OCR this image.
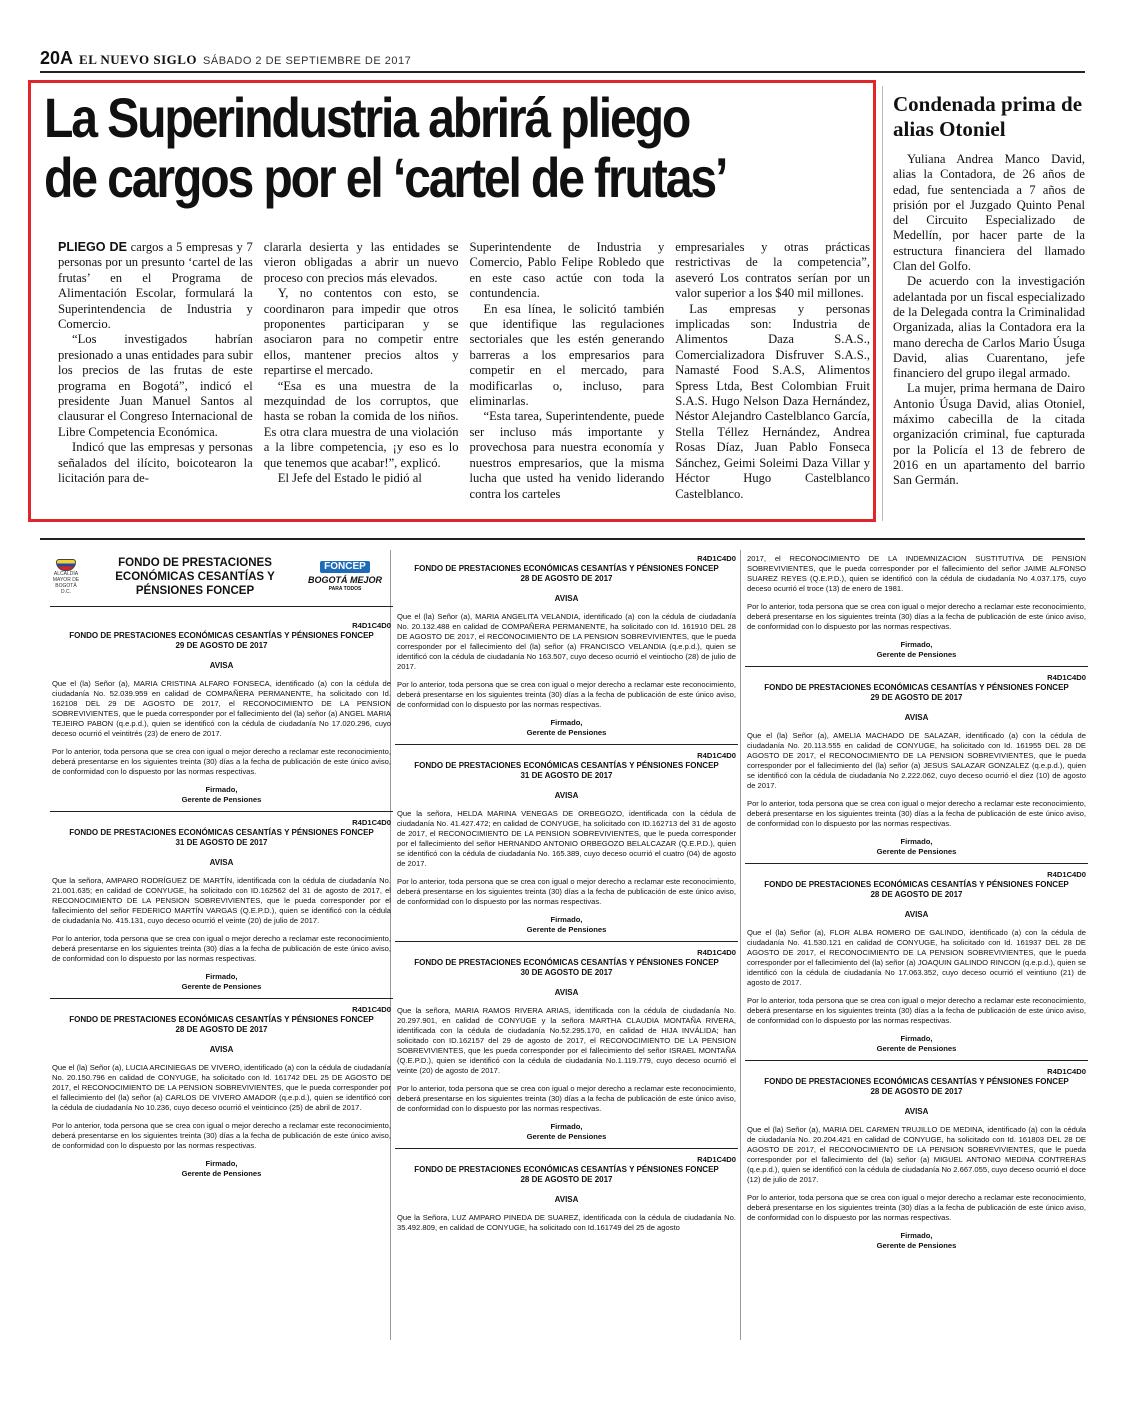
20A EL NUEVO SIGLO SÁBADO 2 DE SEPTIEMBRE DE 2017
La Superindustria abrirá pliego
de cargos por el ‘cartel de frutas’

PLIEGO DE cargos a 5 empresas y 7 personas por un presunto ‘cartel de las frutas’ en el Programa de Alimentación Escolar, formulará la Superintendencia de Industria y Comercio.

“Los investigados habrían presionado a unas entidades para subir los precios de las frutas de este programa en Bogotá”, indicó el presidente Juan Manuel Santos al clausurar el Congreso Internacional de Libre Competencia Económica.

Indicó que las empresas y personas señalados del ilícito, boicotearon la licitación para de-

clararla desierta y las entidades se vieron obligadas a abrir un nuevo proceso con precios más elevados.

Y, no contentos con esto, se coordinaron para impedir que otros proponentes participaran y se asociaron para no competir entre ellos, mantener precios altos y repartirse el mercado.

“Esa es una muestra de la mezquindad de los corruptos, que hasta se roban la comida de los niños. Es otra clara muestra de una violación a la libre competencia, ¡y eso es lo que tenemos que acabar!”, explicó.

El Jefe del Estado le pidió al

Superintendente de Industria y Comercio, Pablo Felipe Robledo que en este caso actúe con toda la contundencia.

En esa línea, le solicitó también que identifique las regulaciones sectoriales que les estén generando barreras a los empresarios para competir en el mercado, para modificarlas o, incluso, para eliminarlas.

“Esta tarea, Superintendente, puede ser incluso más importante y provechosa para nuestra economía y nuestros empresarios, que la misma lucha que usted ha venido liderando contra los carteles

empresariales y otras prácticas restrictivas de la competencia”, aseveró Los contratos serían por un valor superior a los $40 mil millones.

Las empresas y personas implicadas son: Industria de Alimentos Daza S.A.S., Comercializadora Disfruver S.A.S., Namasté Food S.A.S, Alimentos Spress Ltda, Best Colombian Fruit S.A.S. Hugo Nelson Daza Hernández, Néstor Alejandro Castelblanco García, Stella Téllez Hernández, Andrea Rosas Díaz, Juan Pablo Fonseca Sánchez, Geimi Soleimi Daza Villar y Héctor Hugo Castelblanco Castelblanco.

Condenada prima de alias Otoniel

Yuliana Andrea Manco David, alias la Contadora, de 26 años de edad, fue sentenciada a 7 años de prisión por el Juzgado Quinto Penal del Circuito Especializado de Medellín, por hacer parte de la estructura financiera del llamado Clan del Golfo.

De acuerdo con la investigación adelantada por un fiscal especializado de la Delegada contra la Criminalidad Organizada, alias la Contadora era la mano derecha de Carlos Mario Úsuga David, alias Cuarentano, jefe financiero del grupo ilegal armado.

La mujer, prima hermana de Dairo Antonio Úsuga David, alias Otoniel, máximo cabecilla de la citada organización criminal, fue capturada por la Policía el 13 de febrero de 2016 en un apartamento del barrio San Germán.

ALCALDÍA MAYOR DE BOGOTÁ D.C.
FONDO DE PRESTACIONES ECONÓMICAS CESANTÍAS Y PÉNSIONES FONCEP
FONCEP
BOGOTÁ MEJOR
PARA TODOS
R4D1C4D0
FONDO DE PRESTACIONES ECONÓMICAS CESANTÍAS Y PÉNSIONES FONCEP
29 DE AGOSTO DE 2017
AVISA

Que el (la) Señor (a), MARIA CRISTINA ALFARO FONSECA, identificado (a) con la cédula de ciudadanía No. 52.039.959 en calidad de COMPAÑERA PERMANENTE, ha solicitado con Id. 162108 DEL 29 DE AGOSTO DE 2017, el RECONOCIMIENTO DE LA PENSION SOBREVIVIENTES, que le pueda corresponder por el fallecimiento del (la) señor (a) ANGEL MARIA TEJEIRO PABON (q.e.p.d.), quien se identificó con la cédula de ciudadanía No 17.020.296, cuyo deceso ocurrió el veintitrés (23) de enero de 2017.

Por lo anterior, toda persona que se crea con igual o mejor derecho a reclamar este reconocimiento, deberá presentarse en los siguientes treinta (30) días a la fecha de publicación de este único aviso, de conformidad con lo dispuesto por las normas respectivas.

Firmado,
Gerente de Pensiones
R4D1C4D0
FONDO DE PRESTACIONES ECONÓMICAS CESANTÍAS Y PÉNSIONES FONCEP
31 DE AGOSTO DE 2017
AVISA

Que la señora, AMPARO RODRÍGUEZ DE MARTÍN, identificada con la cédula de ciudadanía No. 21.001.635; en calidad de CONYUGE, ha solicitado con ID.162562 del 31 de agosto de 2017, el RECONOCIMIENTO DE LA PENSION SOBREVIVIENTES, que le pueda corresponder por el fallecimiento del señor FEDERICO MARTÍN VARGAS (Q.E.P.D.), quien se identificó con la cédula de ciudadanía No. 415.131, cuyo deceso ocurrió el veinte (20) de julio de 2017.

Por lo anterior, toda persona que se crea con igual o mejor derecho a reclamar este reconocimiento, deberá presentarse en los siguientes treinta (30) días a la fecha de publicación de este único aviso, de conformidad con lo dispuesto por las normas respectivas.

Firmado,
Gerente de Pensiones
R4D1C4D0
FONDO DE PRESTACIONES ECONÓMICAS CESANTÍAS Y PÉNSIONES FONCEP
28 DE AGOSTO DE 2017
AVISA

Que el (la) Señor (a), LUCIA ARCINIEGAS DE VIVERO, identificado (a) con la cédula de ciudadanía No. 20.150.796 en calidad de CONYUGE, ha solicitado con Id. 161742 DEL 25 DE AGOSTO DE 2017, el RECONOCIMIENTO DE LA PENSION SOBREVIVIENTES, que le pueda corresponder por el fallecimiento del (la) señor (a) CARLOS DE VIVERO AMADOR (q.e.p.d.), quien se identificó con la cédula de ciudadanía No 10.236, cuyo deceso ocurrió el veinticinco (25) de abril de 2017.

Por lo anterior, toda persona que se crea con igual o mejor derecho a reclamar este reconocimiento, deberá presentarse en los siguientes treinta (30) días a la fecha de publicación de este único aviso, de conformidad con lo dispuesto por las normas respectivas.

Firmado,
Gerente de Pensiones
R4D1C4D0
FONDO DE PRESTACIONES ECONÓMICAS CESANTÍAS Y PÉNSIONES FONCEP
28 DE AGOSTO DE 2017
AVISA

Que el (la) Señor (a), MARIA ANGELITA VELANDIA, identificado (a) con la cédula de ciudadanía No. 20.132.488 en calidad de COMPAÑERA PERMANENTE, ha solicitado con Id. 161910 DEL 28 DE AGOSTO DE 2017, el RECONOCIMIENTO DE LA PENSION SOBREVIVIENTES, que le pueda corresponder por el fallecimiento del (la) señor (a) FRANCISCO VELANDIA (q.e.p.d.), quien se identificó con la cédula de ciudadanía No 163.507, cuyo deceso ocurrió el veintiocho (28) de julio de 2017.

Por lo anterior, toda persona que se crea con igual o mejor derecho a reclamar este reconocimiento, deberá presentarse en los siguientes treinta (30) días a la fecha de publicación de este único aviso, de conformidad con lo dispuesto por las normas respectivas.

Firmado,
Gerente de Pensiones
R4D1C4D0
FONDO DE PRESTACIONES ECONÓMICAS CESANTÍAS Y PÉNSIONES FONCEP
31 DE AGOSTO DE 2017
AVISA

Que la señora, HELDA MARINA VENEGAS DE ORBEGOZO, identificada con la cédula de ciudadanía No. 41.427.472; en calidad de CONYUGE, ha solicitado con ID.162713 del 31 de agosto de 2017, el RECONOCIMIENTO DE LA PENSION SOBREVIVIENTES, que le pueda corresponder por el fallecimiento del señor HERNANDO ANTONIO ORBEGOZO BELALCAZAR (Q.E.P.D.), quien se identificó con la cédula de ciudadanía No. 165.389, cuyo deceso ocurrió el cuatro (04) de agosto de 2017.

Por lo anterior, toda persona que se crea con igual o mejor derecho a reclamar este reconocimiento, deberá presentarse en los siguientes treinta (30) días a la fecha de publicación de este único aviso, de conformidad con lo dispuesto por las normas respectivas.

Firmado,
Gerente de Pensiones
R4D1C4D0
FONDO DE PRESTACIONES ECONÓMICAS CESANTÍAS Y PÉNSIONES FONCEP
30 DE AGOSTO DE 2017
AVISA

Que la señora, MARIA RAMOS RIVERA ARIAS, identificada con la cédula de ciudadanía No. 20.297.901, en calidad de CONYUGE y la señora MARTHA CLAUDIA MONTAÑA RIVERA, identificada con la cédula de ciudadanía No.52.295.170, en calidad de HIJA INVÁLIDA; han solicitado con ID.162157 del 29 de agosto de 2017, el RECONOCIMIENTO DE LA PENSION SOBREVIVIENTES, que les pueda corresponder por el fallecimiento del señor ISRAEL MONTAÑA (Q.E.P.D.), quien se identificó con la cédula de ciudadanía No.1.119.779, cuyo deceso ocurrió el veinte (20) de agosto de 2017.

Por lo anterior, toda persona que se crea con igual o mejor derecho a reclamar este reconocimiento, deberá presentarse en los siguientes treinta (30) días a la fecha de publicación de este único aviso, de conformidad con lo dispuesto por las normas respectivas.

Firmado,
Gerente de Pensiones
R4D1C4D0
FONDO DE PRESTACIONES ECONÓMICAS CESANTÍAS Y PÉNSIONES FONCEP
28 DE AGOSTO DE 2017
AVISA

Que la Señora, LUZ AMPARO PINEDA DE SUAREZ, identificada con la cédula de ciudadanía No. 35.492.809, en calidad de CONYUGE, ha solicitado con Id.161749 del 25 de agosto

2017, el RECONOCIMIENTO DE LA INDEMNIZACION SUSTITUTIVA DE PENSION SOBREVIVIENTES, que le pueda corresponder por el fallecimiento del señor JAIME ALFONSO SUAREZ REYES (Q.E.P.D.), quien se identificó con la cédula de ciudadanía No 4.037.175, cuyo deceso ocurrió el troce (13) de enero de 1981.

Por lo anterior, toda persona que se crea con igual o mejor derecho a reclamar este reconocimiento, deberá presentarse en los siguientes treinta (30) días a la fecha de publicación de este único aviso, de conformidad con lo dispuesto por las normas respectivas.

Firmado,
Gerente de Pensiones
R4D1C4D0
FONDO DE PRESTACIONES ECONÓMICAS CESANTÍAS Y PÉNSIONES FONCEP
29 DE AGOSTO DE 2017
AVISA

Que el (la) Señor (a), AMELIA MACHADO DE SALAZAR, identificado (a) con la cédula de ciudadanía No. 20.113.555 en calidad de CONYUGE, ha solicitado con Id. 161955 DEL 28 DE AGOSTO DE 2017, el RECONOCIMIENTO DE LA PENSION SOBREVIVIENTES, que le pueda corresponder por el fallecimiento del (la) señor (a) JESUS SALAZAR GONZALEZ (q.e.p.d.), quien se identificó con la cédula de ciudadanía No 2.222.062, cuyo deceso ocurrió el diez (10) de agosto de 2017.

Por lo anterior, toda persona que se crea con igual o mejor derecho a reclamar este reconocimiento, deberá presentarse en los siguientes treinta (30) días a la fecha de publicación de este único aviso, de conformidad con lo dispuesto por las normas respectivas.

Firmado,
Gerente de Pensiones
R4D1C4D0
FONDO DE PRESTACIONES ECONÓMICAS CESANTÍAS Y PÉNSIONES FONCEP
28 DE AGOSTO DE 2017
AVISA

Que el (la) Señor (a), FLOR ALBA ROMERO DE GALINDO, identificado (a) con la cédula de ciudadanía No. 41.530.121 en calidad de CONYUGE, ha solicitado con Id. 161937 DEL 28 DE AGOSTO DE 2017, el RECONOCIMIENTO DE LA PENSION SOBREVIVIENTES, que le pueda corresponder por el fallecimiento del (la) señor (a) JOAQUIN GALINDO RINCON (q.e.p.d.), quien se identificó con la cédula de ciudadanía No 17.063.352, cuyo deceso ocurrió el veintiuno (21) de agosto de 2017.

Por lo anterior, toda persona que se crea con igual o mejor derecho a reclamar este reconocimiento, deberá presentarse en los siguientes treinta (30) días a la fecha de publicación de este único aviso, de conformidad con lo dispuesto por las normas respectivas.

Firmado,
Gerente de Pensiones
R4D1C4D0
FONDO DE PRESTACIONES ECONÓMICAS CESANTÍAS Y PÉNSIONES FONCEP
28 DE AGOSTO DE 2017
AVISA

Que el (la) Señor (a), MARIA DEL CARMEN TRUJILLO DE MEDINA, identificado (a) con la cédula de ciudadanía No. 20.204.421 en calidad de CONYUGE, ha solicitado con Id. 161803 DEL 28 DE AGOSTO DE 2017, el RECONOCIMIENTO DE LA PENSION SOBREVIVIENTES, que le pueda corresponder por el fallecimiento del (la) señor (a) MIGUEL ANTONIO MEDINA CONTRERAS (q.e.p.d.), quien se identificó con la cédula de ciudadanía No 2.667.055, cuyo deceso ocurrió el doce (12) de julio de 2017.

Por lo anterior, toda persona que se crea con igual o mejor derecho a reclamar este reconocimiento, deberá presentarse en los siguientes treinta (30) días a la fecha de publicación de este único aviso, de conformidad con lo dispuesto por las normas respectivas.

Firmado,
Gerente de Pensiones
